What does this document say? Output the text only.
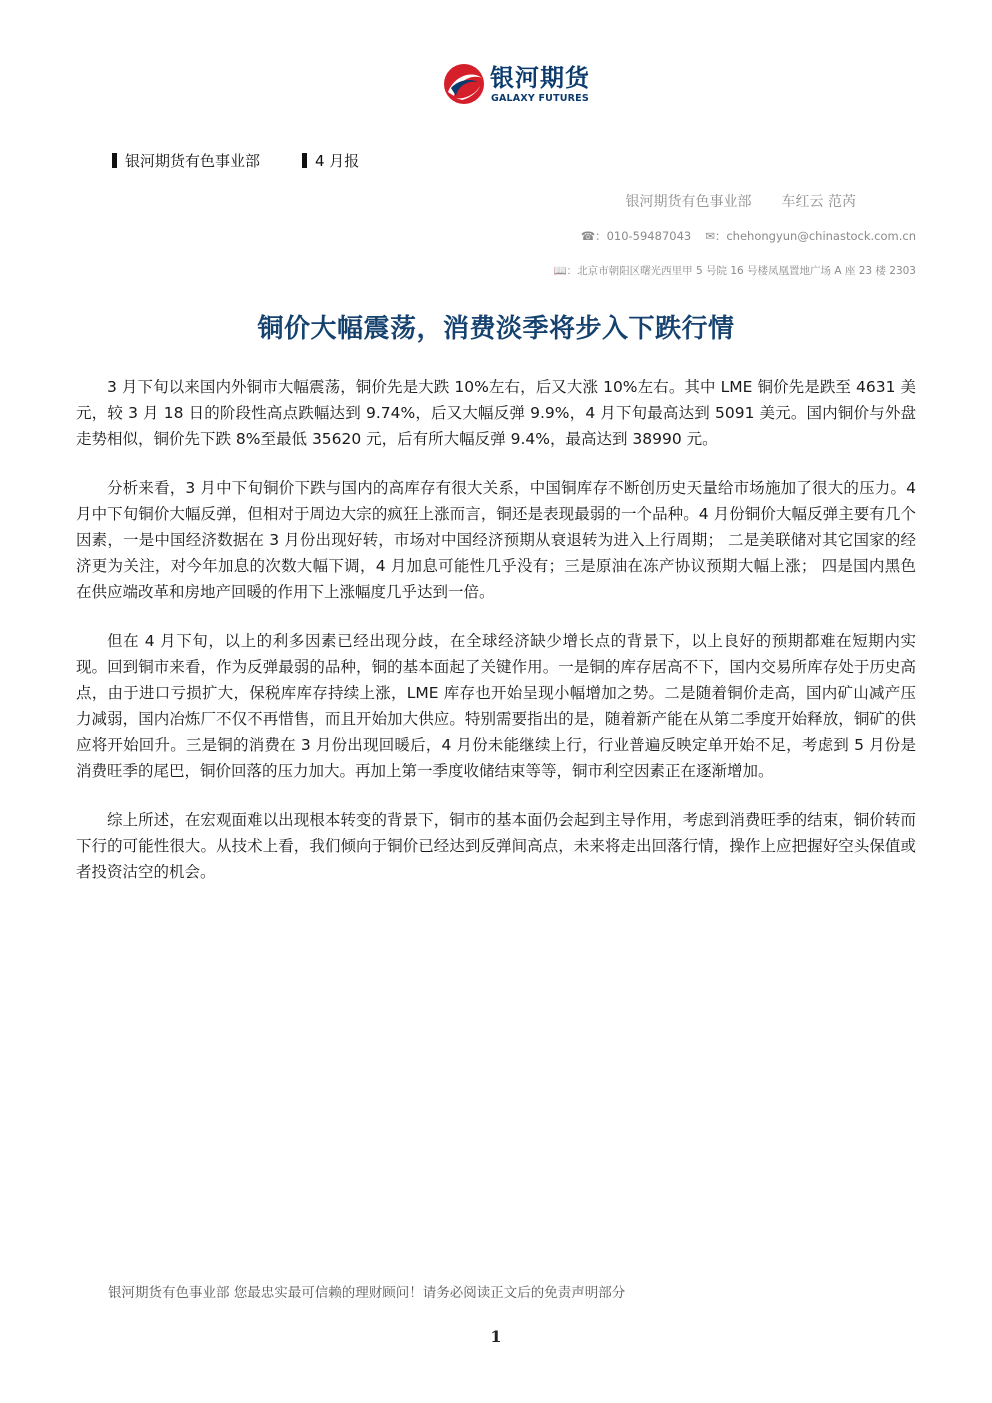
银河期货
GALAXY FUTURES
银河期货有色事业部	4 月报
银河期货有色事业部 车红云 范芮
☎：010-59487043 ✉：chehongyun@chinastock.com.cn
📖：北京市朝阳区曙光西里甲 5 号院 16 号楼凤凰置地广场 A 座 23 楼 2303
铜价大幅震荡，消费淡季将步入下跌行情

3 月下旬以来国内外铜市大幅震荡，铜价先是大跌 10%左右，后又大涨 10%左右。其中 LME 铜价先是跌至 4631 美元，较 3 月 18 日的阶段性高点跌幅达到 9.74%，后又大幅反弹 9.9%，4 月下旬最高达到 5091 美元。国内铜价与外盘走势相似，铜价先下跌 8%至最低 35620 元，后有所大幅反弹 9.4%，最高达到 38990 元。

分析来看，3 月中下旬铜价下跌与国内的高库存有很大关系，中国铜库存不断创历史天量给市场施加了很大的压力。4 月中下旬铜价大幅反弹，但相对于周边大宗的疯狂上涨而言，铜还是表现最弱的一个品种。4 月份铜价大幅反弹主要有几个因素，一是中国经济数据在 3 月份出现好转，市场对中国经济预期从衰退转为进入上行周期； 二是美联储对其它国家的经济更为关注，对今年加息的次数大幅下调，4 月加息可能性几乎没有；三是原油在冻产协议预期大幅上涨； 四是国内黑色在供应端改革和房地产回暖的作用下上涨幅度几乎达到一倍。

但在 4 月下旬，以上的利多因素已经出现分歧，在全球经济缺少增长点的背景下，以上良好的预期都难在短期内实现。回到铜市来看，作为反弹最弱的品种，铜的基本面起了关键作用。一是铜的库存居高不下，国内交易所库存处于历史高点，由于进口亏损扩大，保税库库存持续上涨，LME 库存也开始呈现小幅增加之势。二是随着铜价走高，国内矿山减产压力减弱，国内冶炼厂不仅不再惜售，而且开始加大供应。特别需要指出的是，随着新产能在从第二季度开始释放，铜矿的供应将开始回升。三是铜的消费在 3 月份出现回暖后，4 月份未能继续上行，行业普遍反映定单开始不足，考虑到 5 月份是消费旺季的尾巴，铜价回落的压力加大。再加上第一季度收储结束等等，铜市利空因素正在逐渐增加。

综上所述，在宏观面难以出现根本转变的背景下，铜市的基本面仍会起到主导作用，考虑到消费旺季的结束，铜价转而下行的可能性很大。从技术上看，我们倾向于铜价已经达到反弹间高点，未来将走出回落行情，操作上应把握好空头保值或者投资沽空的机会。

银河期货有色事业部 您最忠实最可信赖的理财顾问！请务必阅读正文后的免责声明部分
1
